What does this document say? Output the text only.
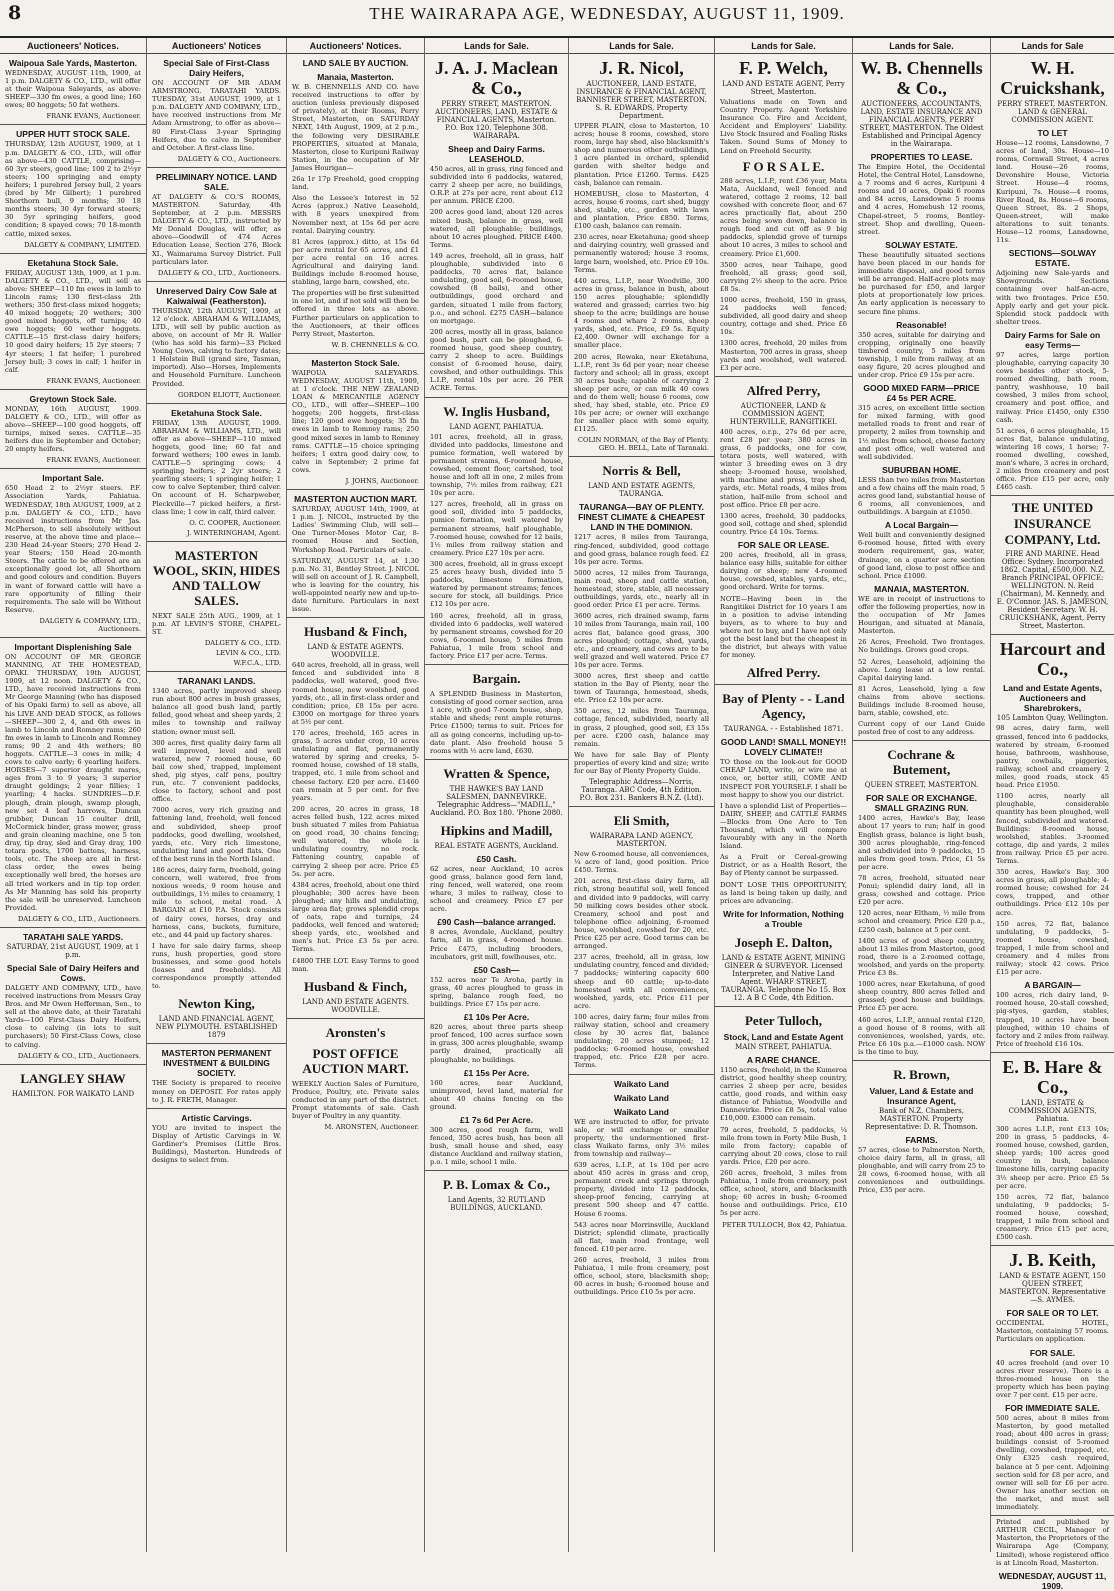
8	THE WAIRARAPA AGE, WEDNESDAY, AUGUST 11, 1909.
Auctioneers' Notices.
Waipoua Sale Yards, Masterton.
WEDNESDAY, AUGUST 11th, 1909, at 1 p.m. DALGETY & CO., LTD., will offer at their Waipoua Saleyards, as above: SHEEP—330 fm ewes, a good line; 160 ewes; 80 hoggets; 50 fat wethers.
FRANK EVANS, Auctioneer.
UPPER HUTT STOCK SALE.
THURSDAY, 12th AUGUST, 1909, at 1 p.m. DALGETY & CO., LTD., will offer as above—430 CATTLE, comprising—60 3yr steers, good line; 100 2 to 2½yr steers; 100 springing and empty heifers; 1 purebred Jersey bull, 2 years (bred by Mr Gilbert); 1 purebred Shorthorn bull, 9 months; 30 18 months steers; 30 4yr forward steers; 30 5yr springing heifers, good condition; 8 spayed cows; 70 18-month cattle, mixed sexes.
DALGETY & COMPANY, LIMITED.
Eketahuna Stock Sale.
FRIDAY, AUGUST 13th, 1909, at 1 p.m. DALGETY & CO., LTD., will sell as above: SHEEP—110 fm ewes in lamb to Lincoln rams; 130 first-class 2th wethers; 350 first-class mixed hoggets; 40 mixed hoggets; 20 wethers; 300 good mixed hoggets, off turnips; 40 ewe hoggets; 60 wether hoggets. CATTLE—15 first-class dairy heifers; 10 good dairy heifers; 15 2yr steers; 7 4yr steers; 1 fat heifer; 1 purebred Jersey bull; 3 cows in calf; 1 heifer in calf.
FRANK EVANS, Auctioneer.
Greytown Stock Sale.
MONDAY, 16th AUGUST, 1909. DALGETY & CO., LTD., will offer as above—SHEEP—100 good hoggets, off turnips, mixed sexes. CATTLE—35 heifers due in September and October; 20 empty heifers.
FRANK EVANS, Auctioneer.
Important Sale.
650 Head 2 to 2½yr steers. P.F. Association Yards, Pahiatua. WEDNESDAY, 18th AUGUST, 1909, at 2 p.m. DALGETY & CO., LTD., have received instructions from Mr Jas. McPherson, to sell absolutely without reserve, at the above time and place—230 Head 24-year Steers; 270 Head 2-year Steers; 150 Head 20-month Steers. The cattle to be offered are an exceptionally good lot, all Shorthorn and good colours and condition. Buyers in want of forward cattle will have a rare opportunity of filling their requirements. The sale will be Without Reserve.
DALGETY & COMPANY, LTD., Auctioneers.
Important Displenishing Sale
ON ACCOUNT OF MR GEORGE MANNING, AT THE HOMESTEAD, OPAKI. THURSDAY, 19th AUGUST, 1909, at 12 noon. DALGETY & CO., LTD., have received instructions from Mr George Manning (who has disposed of his Opaki farm) to sell as above, all his LIVE AND DEAD STOCK, as follows—SHEEP—300 2, 4, and 6th ewes in lamb to Lincoln and Romney rams; 260 fm ewes in lamb to Lincoln and Romney rams; 90 2 and 4th wethers; 80 hoggets. CATTLE—3 cows in milk; 4 cows to calve early; 6 yearling heifers. HORSES—7 superior draught mares, ages from 3 to 9 years; 3 superior draught geldings; 2 year fillies; 1 yearling; 4 hacks. SUNDRIES—D.F. plough, drain plough, swamp plough, new set 4 leaf harrows, Duncan grubber, Duncan 15 coulter drill, McCormick binder, grass mower, grass and grain cleaning machine, one 5 ton dray, tip dray, sled and Gray dray, 100 totara posts, 1700 battens, harness, tools, etc. The sheep are all in first-class order, the ewes being exceptionally well bred, the horses are all tried workers and in tip top order. As Mr Manning has sold his property the sale will be unreserved. Luncheon Provided.
DALGETY & CO., LTD., Auctioneers.
TARATAHI SALE YARDS.
SATURDAY, 21st AUGUST, 1909, at 1 p.m.
Special Sale of Dairy Heifers and Cows.
DALGETY AND COMPANY, LTD., have received instructions from Messrs Gray Bros. and Mr Owen Hefferman, Sen., to sell at the above date, at their Taratahi Yards—100 First-Class Dairy Heifers, close to calving (in lots to suit purchasers); 50 First-Class Cows, close to calving.
DALGETY & CO., LTD., Auctioneers.
LANGLEY SHAW
HAMILTON. FOR WAIKATO LAND
Auctioneers' Notices
Special Sale of First-Class Dairy Heifers,
ON ACCOUNT OF MR ADAM ARMSTRONG. TARATAHI YARDS. TUESDAY, 31st AUGUST, 1909, at 1 p.m. DALGETY AND COMPANY, LTD., have received instructions from Mr Adam Armstrong, to offer as above—80 First-Class 3-year Springing Heifers, due to calve in September and October. A first-class line.
DALGETY & CO., Auctioneers.
PRELIMINARY NOTICE. LAND SALE.
AT DALGETY & CO.'S ROOMS, MASTERTON. Saturday, 4th September, at 2 p.m. MESSRS DALGETY & CO., LTD., instructed by Mr Donald Douglas, will offer, as above—Goodwill of 474 Acres Education Lease, Section 276, Block XI., Waimarama Survey District. Full particulars later.
DALGETY & CO., LTD., Auctioneers.
Unreserved Dairy Cow Sale at Kaiwaiwai (Featherston).
THURSDAY, 12th AUGUST, 1909, at 12 o'clock. ABRAHAM & WILLIAMS, LTD., will sell by public auction as above, on account of Mr R. Waller (who has sold his farm)—33 Picked Young Cows, calving to factory dates; 1 Holstein Bull (grand sire, Tasman, imported). Also—Horses, Implements and Household Furniture. Luncheon Provided.
GORDON ELIOTT, Auctioneer.
Eketahuna Stock Sale.
FRIDAY, 13th AUGUST, 1909. ABRAHAM & WILLIAMS, LTD., will offer as above—SHEEP—110 mixed hoggets, good line; 60 fat and forward wethers; 100 ewes in lamb. CATTLE—5 springing cows; 4 springing heifers; 2 2yr steers; 2 yearling steers; 1 springing heifer; 1 cow to calve September, third calver. On account of H. Scharpweber, Pleckville—7 picked heifers, a first-class line; 1 cow in calf, third calver.
O. C. COOPER, Auctioneer.
J. WINTERINGHAM, Agent.
MASTERTON WOOL, SKIN, HIDES AND TALLOW SALES.
NEXT SALE 25th AUG., 1909, at 1 p.m. AT LEVIN'S STORE, CHAPEL-ST.
DALGETY & CO., LTD.
LEVIN & CO., LTD.
W.F.C.A., LTD.
TARANAKI LANDS.
1340 acres, partly improved sheep run about 800 acres in bush grasses, balance all good bush land, partly felled, good wheat and sheep yards, 2 miles to township and railway station; owner must sell.
300 acres, first quality dairy farm all well improved, level and well watered, new 7 roomed house, 60 bail cow shed, trapped, implement shed, pig styes, calf pens, poultry run, etc. 7 convenient paddocks, close to factory, school and post office.
7000 acres, very rich grazing and fattening land, freehold, well fenced and subdivided, sheep proof paddocks, good dwelling, woolshed, yards, etc. Very rich limestone, undulating land and good flats. One of the best runs in the North Island.
186 acres, dairy farm, freehold, going concern, well watered, free from noxious weeds, 9 room house and outbuildings, 1½ miles to creamery, 1 mile to school, metal road. A BARGAIN at £10 P.A. Stock consists of dairy cows, horses, dray and harness, cans, buckets, furniture, etc., and 44 paid up factory shares.
I have for sale dairy farms, sheep runs, bush properties, good store businesses, and some good hotels (leases and freeholds). All correspondence promptly attended to.
Newton King,
LAND AND FINANCIAL AGENT, NEW PLYMOUTH. ESTABLISHED 1879
MASTERTON PERMANENT INVESTMENT & BUILDING SOCIETY.
THE Society is prepared to receive money on DEPOSIT. For rates apply to J. R. FRETH, Manager.
Artistic Carvings.
YOU are invited to inspect the Display of Artistic Carvings in W. Gardiner's Premises (Little Bros. Buildings), Masterton. Hundreds of designs to select from.
Auctioneers' Notices.
LAND SALE BY AUCTION.
Manaia, Masterton.
W. B. CHENNELLS AND CO. have received instructions to offer by auction (unless previously disposed of privately), at their Rooms, Perry Street, Masterton, on SATURDAY NEXT, 14th August, 1909, at 2 p.m., the following very DESIRABLE PROPERTIES, situated at Manaia, Masterton, close to Kuripuni Railway Station, in the occupation of Mr James Hourigan—
26a 1r 17p Freehold, good cropping land.
Also the Lessee's Interest in 52 Acres (approx.) Native Leasehold, with 8 years unexpired from November next, at 15s 6d per acre rental. Dairying country.
81 Acres (approx.) ditto, at 15s 6d per acre rental for 65 acres, and £1 per acre rental on 16 acres. Agricultural and dairying land. Buildings include 8-roomed house, stabling, large barn, cowshed, etc.
The properties will be first submitted in one lot, and if not sold will then be offered in three lots as above. Further particulars on application to the Auctioneers, at their offices Perry Street, Masterton.
W. B. CHENNELLS & CO.
Masterton Stock Sale.
WAIPOUA SALEYARDS. WEDNESDAY, AUGUST 11th, 1909, at 1 o'clock. THE NEW ZEALAND LOAN & MERCANTILE AGENCY CO., LTD., will offer—SHEEP—100 hoggets; 200 hoggets, first-class line; 120 good ewe hoggets; 35 fm ewes in lamb to Romney rams; 250 good mixed sexes in lamb to Romney rams. CATTLE—15 choice springing heifers; 1 extra good dairy cow, to calve in September; 2 prime fat cows.
J. JOHNS, Auctioneer.
MASTERTON AUCTION MART.
SATURDAY, AUGUST 14th, 1909, at 1 p.m. J. NICOL, instructed by the Ladies' Swimming Club, will sell—One Turner-Moses Motor Car, 8-roomed House and Section, Workshop Road. Particulars of sale.
SATURDAY, AUGUST 14, at 1.30 p.m. No. 31, Bentley Street. J. NICOL will sell on account of J. R. Campbell, who is leaving for the country, his well-appointed nearly new and up-to-date furniture. Particulars in next issue.
Husband & Finch,
LAND & ESTATE AGENTS. WOODVILLE.
640 acres, freehold, all in grass, well fenced and subdivided into 8 paddocks, well watered, good five-roomed house, new woolshed, good yards, etc., all in first-class order and condition; price, £8 15s per acre. £3000 on mortgage for three years at 5½ per cent.
170 acres, freehold, 165 acres in grass, 5 acres under crop, 10 acres undulating and flat, permanently watered by spring and creeks, 5-roomed house, cowshed of 18 stalls, trapped, etc. 1 mile from school and cheese factory. £20 per acre. £1460 can remain at 5 per cent. for five years.
200 acres, 20 acres in grass, 18 acres felled bush, 122 acres mixed bush situated 7 miles from Pahiatua on good road, 30 chains fencing; well watered, the whole is undulating country, no rock. Fattening country, capable of carrying 2 sheep per acre. Price £5 5s. per acre.
4384 acres, freehold, about one third ploughable; 300 acres have been ploughed; any hills and undulating, large area flat; grows splendid crops of oats, rape and turnips, 24 paddocks, well fenced and watered; sheep yards, etc., woolshed and men's hut. Price £3 5s per acre. Terms.
£4800 THE LOT. Easy Terms to good man.
Husband & Finch,
LAND AND ESTATE AGENTS. WOODVILLE.
Aronsten's
POST OFFICE AUCTION MART.
WEEKLY Auction Sales of Furniture, Produce, Poultry, etc. Private sales conducted in any part of the district. Prompt statements of sale. Cash buyer of Poultry in any quantity.
M. ARONSTEN, Auctioneer.
Lands for Sale.
J. A. J. Maclean & Co.,
PERRY STREET, MASTERTON. AUCTIONEERS, LAND, ESTATE & FINANCIAL AGENTS, Masterton. P.O. Box 120. Telephone 308. WAIRARAPA.
Sheep and Dairy Farms. LEASEHOLD.
450 acres, all in grass, ring fenced and subdivided into 6 paddocks, watered, carry 2 sheep per acre, no buildings, O.R.P. at 27s per acre, rent about £12 per annum. PRICE £200.
200 acres good land, about 120 acres mixed bush, balance in grass, well watered, all ploughable; buildings, about 10 acres ploughed. PRICE £400. Terms.
149 acres, freehold, all in grass, half ploughable, subdivided into 6 paddocks, 70 acres flat, balance undulating, good soil, 6-roomed house, cowshed (8 bails), and other outbuildings, good orchard and garden, situated 1 mile from factory, p.o., and school. £275 CASH—balance on mortgage.
200 acres, mostly all in grass, balance good bush, part can be ploughed, 6-roomed house, good sheep country, carry 2 sheep to acre. Buildings consist of 6-roomed house, dairy, cowshed, and other outbuildings. This L.I.P., rental 10s per acre. 26 PER ACRE. Terms.
W. Inglis Husband,
LAND AGENT, PAHIATUA.
101 acres, freehold, all in grass, divided into paddocks, limestone and pumice formation, well watered by permanent streams, 6-roomed house, cowshed, cement floor, cartshed, tool house and loft all in one, 2 miles from township, 7½ miles from railway, £21 10s per acre.
127 acres, freehold, all in grass on good soil, divided into 5 paddocks, pumice formation, well watered by permanent streams, half ploughable, 7-roomed house, cowshed for 12 bails, 1½ miles from railway station and creamery. Price £27 10s per acre.
300 acres, freehold, all in grass except 25 acres heavy bush, divided into 5 paddocks, limestone formation, watered by permanent streams; fences secure for stock, all buildings. Price £12 10s per acre.
160 acres, freehold, all in grass, divided into 6 paddocks, well watered by permanent streams, cowshed for 20 cows, 6-roomed house, 5 miles from Pahiatua, 1 mile from school and factory. Price £17 per acre. Terms.
Bargain.
A SPLENDID Business in Masterton, consisting of good corner section, area 1 acre, with good 7-room house, shop, stable and sheds; rent ample returns. Price £1500; terms to suit. Prices for all as going concerns, including up-to-date plant. Also freehold house 5 rooms with ½ acre land, £630.
Wratten & Spence,
THE HAWKE'S BAY LAND SALESMEN, DANNEVIRKE. Telegraphic Address—"MADILL," Auckland. P.O. Box 180. 'Phone 2080.
Hipkins and Madill,
REAL ESTATE AGENTS, Auckland.
£50 Cash.
62 acres, near Auckland, 10 acres good grass, balance good fern land, ring fenced, well watered, one room whare, 3 miles to railway, close to school and creamery. Price £7 per acre.
£90 Cash—balance arranged.
8 acres, Avondale, Auckland, poultry farm, all in grass, 4-roomed house. Price £475, including brooders, incubators, grit mill, fowlhouses, etc.
£50 Cash—
152 acres near Te Aroha, partly in grass, 40 acres ploughed to grass in spring, balance rough feed, no buildings. Price £7 15s per acre.
£1 10s Per Acre.
820 acres, about three parts sheep proof fenced, 100 acres surface sown in grass, 300 acres ploughable, swamp partly drained, practically all ploughable, no buildings.
£1 15s Per Acre.
160 acres, near Auckland, unimproved, level land, material for about 40 chains fencing on the ground.
£1 7s 6d Per Acre.
300 acres, good rough farm, well fenced, 350 acres bush, has been all bush, small house and shed, easy distance Auckland and railway station, p.o. 1 mile, school 1 mile.
P. B. Lomax & Co.,
Land Agents, 32 RUTLAND BUILDINGS, AUCKLAND.
Lands for Sale.
J. R. Nicol,
AUCTIONEER, LAND ESTATE, INSURANCE & FINANCIAL AGENT, BANNISTER STREET, MASTERTON. S. R. EDWARDS, Property Department.
UPPER PLAIN, close to Masterton, 10 acres; house 8 rooms, cowshed, store room, large hay shed, also blacksmith's shop and numerous other outbuildings, 1 acre planted in orchard, splendid garden with shelter hedge and plantation. Price £1260. Terms. £425 cash, balance can remain.
HOMEBUSH, close to Masterton, 4 acres, house 6 rooms, cart shed, buggy shed, stable, etc., garden with lawn and plantation. Price £850. Terms, £100 cash, balance can remain.
230 acres, near Eketahuna; good sheep and dairying country, well grassed and permanently watered; house 3 rooms, large barn, woolshed, etc. Price £9 10s. Terms.
440 acres, L.I.P., near Woodville, 300 acres in grass, balance in bush, about 150 acres ploughable; splendidly watered and grassed; carries two big sheep to the acre; buildings are house 4 rooms and whare 2 rooms, sheep yards, shed, etc. Price, £9 5s. Equity £2,400. Owner will exchange for a smaller place.
200 acres, Rewaka, near Eketahuna, L.I.P., rent 3s 6d per year; near cheese factory and school; all in grass, except 30 acres bush; capable of carrying 2 sheep per acre, or can milk 40 cows and do them well; house 6 rooms, cow shed, hay shed, stable, etc. Price £9 10s per acre; or owner will exchange for smaller place with some equity, £1125.
COLIN NORMAN, of the Bay of Plenty. GEO. H. BELL, Late of Taranaki.
Norris & Bell,
LAND AND ESTATE AGENTS, TAURANGA.
TAURANGA—BAY OF PLENTY. FINEST CLIMATE & CHEAPEST LAND IN THE DOMINION.
1217 acres, 8 miles from Tauranga, ring-fenced, subdivided, good cottage and good grass, balance rough feed. £2 10s per acre. Terms.
5000 acres, 12 miles from Tauranga, main road, sheep and cattle station, homestead, store, stable, all necessary outbuildings, yards, etc., nearly all in good order. Price £1 per acre. Terms.
3600 acres, rich drained swamp, farm 10 miles from Tauranga, main rail, 100 acres flat, balance good grass, 300 acres ploughed; cottage, shed, yards, etc., and creamery, and cows are to be well grazed and well watered. Price £7 10s per acre. Terms.
3000 acres, first sheep and cattle station in the Bay of Plenty, near the town of Tauranga, homestead, sheds, etc. Price £2 10s per acre.
350 acres, 12 miles from Tauranga, cottage, fenced, subdivided, nearly all in grass, 2 ploughed, good soil, £3 15s per acre. £200 cash, balance may remain.
We have for sale Bay of Plenty properties of every kind and size; write for our Bay of Plenty Property Guide.
Telegraphic Address—Norris, Tauranga. ABC Code, 4th Edition. P.O. Box 231. Bankers B.N.Z. (Ltd).
Eli Smith,
WAIRARAPA LAND AGENCY, MASTERTON.
New 6-roomed house, all conveniences, ¼ acre of land, good position. Price £450. Terms.
201 acres, first-class dairy farm, all rich, strong beautiful soil, well fenced and divided into 9 paddocks, will carry 50 milking cows besides other stock. Creamery, school and post and telephone office adjoining, 6-roomed house, woolshed, cowshed for 20, etc. Price £25 per acre. Good terms can be arranged.
237 acres, freehold, all in grass, low undulating country, fenced and divided; 7 paddocks; wintering capacity 600 sheep and 60 cattle; up-to-date homestead with all conveniences, woolshed, yards, etc. Price £11 per acre.
100 acres, dairy farm; four miles from railway station, school and creamery close by 30 acres flat, balance undulating; 20 acres stumped; 12 paddocks; 6-roomed house, cowshed trapped, etc. Price £28 per acre. Terms.
Waikato Land
Waikato Land
Waikato Land
WE are instructed to offer, for private sale, or will exchange or smaller property, the undermentioned first-class Waikato farms, only 3½ miles from township and railway—
639 acres, L.I.P., at 1s 10d per acre about 450 acres in grass and crop, permanent creek and springs through property, divided into 12 paddocks, sheep-proof fencing, carrying at present 590 sheep and 47 cattle. House 6 rooms.
543 acres near Morrinsville, Auckland District; splendid climate, practically all flat, main road frontage, well fenced. £10 per acre.
260 acres, freehold, 3 miles from Pahiatua, 1 mile from creamery, post office, school, store, blacksmith shop; 60 acres in bush; 6-roomed house and outbuildings. Price £10 5s per acre.
Lands for Sale.
F. P. Welch,
LAND AND ESTATE AGENT, Perry Street, Masterton.
Valuations made on Town and Country Property. Agent Yorkshire Insurance Co. Fire and Accident, Accident and Employers' Liability. Live Stock Insured and Foaling Risks Taken. Sound Sums of Money to Lend on Freehold Security.
F O R S A L E.
288 acres, L.I.P., rent £36 year, Mata Mata, Auckland, well fenced and watered, cottage 2 rooms, 12 bail cowshed with concrete floor, and 67 acres practically flat, about 250 acres being sown down, balance in rough feed and cut off as 9 big paddocks, splendid grove of turnips about 10 acres, 3 miles to school and creamery. Price £1,600.
3500 acres, near Taihape, good freehold, all grass; good soil, carrying 2½ sheep to the acre. Price £8 5s.
1000 acres, freehold, 150 in grass, 24 paddocks well fenced; subdivided, all good dairy and sheep country, cottage and shed. Price £6 10s.
1300 acres, freehold, 20 miles from Masterton, 700 acres in grass, sheep yards and woolshed, well watered. £3 per acre.
Alfred Perry,
AUCTIONEER, LAND & COMMISSION AGENT, HUNTERVILLE, RANGITIKEI.
400 acres, o.r.p., 27s 6d per acre, rent £28 per year; 380 acres in grass, 6 paddocks, one for cow, totara posts, well watered, with winter 3 breeding ewes on 3 dry sheep; 3-roomed house, woolshed, with machine and press, trap shed, yards, etc. Metal roads, 4 miles from station, half-mile from school and post office. Price £8 per acre.
1300 acres, freehold, 30 paddocks, good soil, cottage and shed, splendid country. Price £4 10s. Terms.
FOR SALE OR LEASE.
200 acres, freehold, all in grass, balance easy hills, suitable for either dairying or sheep; new 4-roomed house, cowshed, stables, yards, etc., good orchard. Write for terms.
NOTE—Having been in the Rangitikei District for 10 years I am in a position to advise intending buyers, as to where to buy and where not to buy, and I have not only got the best land but the cheapest in the district, but always with value for money.
Alfred Perry.
Bay of Plenty - - Land Agency,
TAURANGA. - - Established 1871.
GOOD LAND! SMALL MONEY!! LOVELY CLIMATE!!
TO those on the look-out for GOOD CHEAP LAND, write, or wire me at once, or, better still, COME AND INSPECT FOR YOURSELF. I shall be most happy to show you our district.
I have a splendid List of Properties—DAIRY, SHEEP, and CATTLE FARMS—Blocks from One Acre to Ten Thousand, which will compare favourably with any in the North Island.
As a Fruit or Cereal-growing District, or as a Health Resort, the Bay of Plenty cannot be surpassed.
DON'T LOSE THIS OPPORTUNITY, as land is being taken up daily, and prices are advancing.
Write for Information, Nothing a Trouble
Joseph E. Dalton,
LAND & ESTATE AGENT, MINING GINEER & SURVEYOR. Licensed Interpreter, and Native Land Agent. WHARF STREET, TAURANGA. Telephone No 15. Box 12. A B C Code, 4th Edition.
Peter Tulloch,
Stock, Land and Estate Agent
MAIN STREET, PAHIATUA.
A RARE CHANCE.
1150 acres, freehold, in the Kumeroa district, good healthy sheep country, carries 2 sheep per acre, besides cattle, good roads, and within easy distance of Pahiatua, Woodville and Dannevirke. Price £8 5s, total value £10,000. £3000 can remain.
79 acres, freehold, 5 paddocks, ¼ mile from town in Forty Mile Bush, 1 mile from factory; capable of carrying about 20 cows, close to rail yards. Price, £20 per acre.
260 acres, freehold, 3 miles from Pahiatua, 1 mile from creamery, post office, school, store, and blacksmith shop; 60 acres in bush; 6-roomed house and outbuildings. Price, £10 5s per acre.
PETER TULLOCH, Box 42, Pahiatua.
Lands for Sale.
W. B. Chennells & Co.,
AUCTIONEERS, ACCOUNTANTS, LAND, ESTATE INSURANCE AND FINANCIAL AGENTS, PERRY STREET, MASTERTON. The Oldest Established and Principal Agency in the Wairarapa.
PROPERTIES TO LEASE.
The Empire Hotel, the Occidental Hotel, the Central Hotel, Lansdowne, a 7 rooms and 6 acres, Kuripuni 4 rooms and 10 acres, Opaki 6 rooms and 84 acres, Lansdowne 5 rooms and 4 acres, Homebush 12 rooms, Chapel-street, 5 rooms, Bentley-street. Shop and dwelling, Queen-street.
SOLWAY ESTATE.
These beautifully situated sections have been placed in our hands for immediate disposal, and good terms will be arranged. Half-acre plots may be purchased for £50, and larger plots at proportionately low prices. An early application is necessary to secure fine plums.
Reasonable!
350 acres, suitable for dairying and cropping, originally one heavily timbered country, 5 miles from township, 1 mile from railway, at an easy figure, 20 acres ploughed and under crop. Price £9 15s per acre.
GOOD MIXED FARM—PRICE £4 5s PER ACRE.
315 acres, on excellent little section for mixed farming, with good metalled roads to front and rear of property, 2 miles from township and 1½ miles from school, cheese factory and post office, well watered and well subdivided.
SUBURBAN HOME.
LESS than two miles from Masterton and a few chains off the main road, 5 acres good land, substantial house of 6 rooms, all conveniences, and outbuildings. A bargain at £1050.
A Local Bargain—
Well built and conveniently designed 6-roomed house, fitted with every modern requirement, gas, water, drainage, on a quarter acre section of good land, close to post office and school. Price £1000.
MANAIA, MASTERTON.
WE are in receipt of instructions to offer the following properties, now in the occupation of Mr James Hourigan, and situated at Manaia, Masterton.
26 Acres, Freehold. Two frontages. No buildings. Grows good crops.
52 Acres, Leasehold, adjoining the above. Long lease at a low rental. Capital dairying land.
81 Acres, Leasehold, lying a few chains from above sections. Buildings include 8-roomed house, barn, stable, cowshed, etc.
Current copy of our Land Guide posted free of cost to any address.
Cochrane & Butement,
QUEEN STREET, MASTERTON.
FOR SALE OR EXCHANGE. SMALL GRAZING RUN.
1400 acres, Hawke's Bay, lease about 17 years to run; half in good English grass, balance is light bush, 300 acres ploughable, ring-fenced and subdivided into 9 paddocks, 15 miles from good town. Price, £1 5s per acre.
78 acres, freehold, situated near Ponui; splendid dairy land, all in grass, cowshed and cottage. Price £20 per acre.
120 acres, near Eltham, ½ mile from school and creamery. Price £20 p.a., £250 cash, balance at 5 per cent.
1400 acres of good sheep country, about 13 miles from Masterton, good road, there is a 2-roomed cottage, woolshed, and yards on the property. Price £3 8s.
1000 acres, near Eketahuna, of good sheep country, 800 acres felled and grassed; good house and buildings. Price £5 per acre.
460 acres, L.I.P., annual rental £120, a good house of 8 rooms, with all conveniences, woolshed, yards, etc. Price £6 10s p.a.—£1000 cash. NOW is the time to buy.
R. Brown,
Valuer, Land & Estate and Insurance Agent,
Bank of N.Z. Chambers, MASTERTON. Property Representative: D. R. Thomson.
FARMS.
57 acres, close to Palmerston North, choice dairy farm, all in grass, all ploughable, and will carry from 25 to 28 cows, 6-roomed house, with all conveniences and outbuildings. Price, £35 per acre.
Lands for Sale
W. H. Cruickshank,
PERRY STREET, MASTERTON. LAND & GENERAL COMMISSION AGENT.
TO LET
House—12 rooms, Lansdowne, 7 acres of land, 30s. House—10 rooms, Cornwall Street, 4 acres land. House—26 rooms, Devonshire House, Victoria Street. House—4 rooms, Kuripuni, 7s. House—4 rooms, River Road, 8s. House—6 rooms, Queen Street, 8s. 2 Shops, Queen-street, will make alterations to suit tenants. House—12 rooms, Lansdowne, 11s.
SECTIONS—SOLWAY ESTATE.
Adjoining new Sale-yards and Showgrounds. Sections containing over half-an-acre, with two frontages. Price £50. Apply early and get your pick. Splendid stock paddock with shelter trees.
Dairy Farms for Sale on easy Terms—
97 acres, large portion ploughable, carrying capacity 30 cows besides other stock, 5-roomed dwelling, bath room, pantry, washhouse, 10 bail cowshed, 3 miles from school, creamery and post office, and railway. Price £1450, only £350 cash.
51 acres, 6 acres ploughable, 15 acres flat, balance undulating, wintering 18 cows, 1 horse; 7-roomed dwelling, cowshed, man's whare, 3 acres in orchard, 2 miles from creamery and post office. Price £15 per acre, only £465 cash.
THE UNITED INSURANCE COMPANY, Ltd.
FIRE AND MARINE. Head Office: Sydney. Incorporated 1862. Capital, £500,000. N.Z. Branch PRINCIPAL OFFICE: WELLINGTON. N. Reid (Chairman), M. Kennedy, and E. O'Connor. JAS. S. JAMESON, Resident Secretary. W. H. CRUICKSHANK, Agent, Perry Street, Masterton.
Harcourt and Co.,
Land and Estate Agents, Auctioneers and Sharebrokers,
105 Lambton Quay, Wellington.
98 acres, dairy farm, well grassed, fenced into 6 paddocks, watered by stream, 6-roomed house, bathroom, washhouse, pantry, cowbails, piggeries, railway, school and creamery 2 miles, good roads, stock 45 head. Price £1950.
1100 acres, nearly all ploughable, considerable quantity has been ploughed, well fenced, subdivided and watered. Buildings: 8-roomed house, woolshed, stables. 3-roomed cottage, dip and yards, 2 miles from railway. Price £5 per acre. Terms.
350 acres, Hawke's Bay, 300 acres in grass, all ploughable; 4-roomed house; cowshed for 24 cows, trapped, and other outbuildings. Price £12 10s per acre.
150 acres, 72 flat, balance undulating, 9 paddocks, 5-roomed house, cowshed, trapped, 1 mile from school and creamery and 4 miles from railway; stock 42 cows. Price £15 per acre.
A BARGAIN—
100 acres, rich dairy land, 9-roomed house, 20-stall cowshed, pig-styes, garden, stables, trapped, 10 acres have been ploughed, within 10 chains of factory and 2 miles from railway. Price of freehold £16 10s.
E. B. Hare & Co.,
LAND, ESTATE & COMMISSION AGENTS, Pahiatua.
300 acres L.I.P., rent £13 10s; 200 in grass, 5 paddocks, 4-roomed house, cowshed, garden, sheep yards; 100 acres good country in bush, balance limestone hills, carrying capacity 3½ sheep per acre. Price £5 5s per acre.
150 acres, 72 flat, balance undulating, 9 paddocks; 5-roomed house, cowshed, trapped, 1 mile from school and creamery. Price £15 per acre, £500 cash.
J. B. Keith,
LAND & ESTATE AGENT, 150 QUEEN STREET, MASTERTON. Representative—S. AYMES.
FOR SALE OR TO LET.
OCCIDENTAL HOTEL, Masterton, containing 57 rooms. Particulars on application.
FOR SALE.
40 acres freehold (and over 10 acres river reserve). There is a three-roomed house on the property which has been paying over 7 per cent. £15 per acre.
FOR IMMEDIATE SALE.
500 acres, about 8 miles from Masterton, by good metalled road; about 400 acres in grass; buildings consist of 5-roomed dwelling, cowshed, trapped, etc. Only £325 cash required, balance at 5 per cent. Adjoining section sold for £8 per acre, and owner will sell for £6 per acre. Owner has another section on the market, and must sell immediately.
Printed and published by ARTHUR CECIL, Manager of Masterton, the Proprietors of the Wairarapa Age (Company, Limited), whose registered office is at Lincoln Road, Masterton.
WEDNESDAY, AUGUST 11, 1909.
